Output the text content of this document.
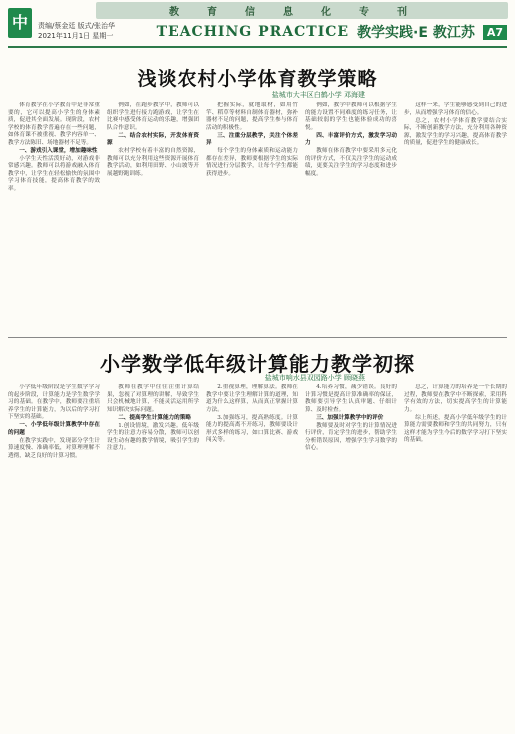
中
教育信息化专刊
责编/蔡金廷 版式/张治华
2021年11月1日 星期一	TEACHING PRACTICE 教学实践·E 教江苏	A7
浅谈农村小学体育教学策略
盐城市大丰区白鹤小学 邓海建

体育教学在小学教育中是非常重要的，它可以提高小学生的身体素质，促进其全面发展。现阶段，农村学校的体育教学普遍存在一些问题，如体育课不被重视、教学内容单一、教学方法陈旧、场地器材不足等。

一、游戏引入课堂，增加趣味性

小学生天性活泼好动，对游戏非常感兴趣。教师可以将游戏融入体育教学中，让学生在轻松愉快的氛围中学习体育技能，提高体育教学的效率。

例如，在跑步教学中，教师可以组织学生进行接力跑游戏，让学生在比赛中感受体育运动的乐趣，增强团队合作意识。

二、结合农村实际，开发体育资源

农村学校有着丰富的自然资源，教师可以充分利用这些资源开展体育教学活动，如利用田野、小山坡等开展越野跑训练。

把握实际，就地取材，如用竹竿、稻草等材料自制体育器材，弥补器材不足的问题，提高学生参与体育活动的积极性。

三、注重分层教学，关注个体差异

每个学生的身体素质和运动能力都存在差异，教师要根据学生的实际情况进行分层教学，让每个学生都能获得进步。

例如，教学中教师可以根据学生的能力设置不同难度的练习任务，让基础较弱的学生也能体验成功的喜悦。

四、丰富评价方式，激发学习动力

教师在体育教学中要采用多元化的评价方式，不仅关注学生的运动成绩，更要关注学生的学习态度和进步幅度。

这样一来，学生能够感受到自己的进步，从而增强学习体育的信心。

总之，农村小学体育教学要结合实际，不断创新教学方法，充分利用各种资源，激发学生的学习兴趣，提高体育教学的质量，促进学生的健康成长。

小学数学低年级计算能力教学初探
盐城市响水县双园路小学 顾晓燕

小学低年级阶段是学生数学学习的起步阶段，计算能力是学生数学学习的基础。在教学中，教师要注重培养学生的计算能力，为以后的学习打下坚实的基础。

一、小学低年级计算教学中存在的问题

在教学实践中，发现部分学生计算速度慢、准确率低，对算理理解不透彻，缺乏良好的计算习惯。

教师在教学中往往注重计算结果，忽视了对算理的讲解，导致学生只会机械地计算，不能灵活运用所学知识解决实际问题。

二、提高学生计算能力的策略

1.创设情境，激发兴趣。低年级学生的注意力容易分散，教师可以创设生动有趣的教学情境，吸引学生的注意力。

2.重视算理，理解算法。教师在教学中要让学生理解计算的道理，知道为什么这样算，从而真正掌握计算方法。

3.加强练习，提高熟练度。计算能力的提高离不开练习，教师要设计形式多样的练习，如口算比赛、游戏闯关等。

4.培养习惯，减少错误。良好的计算习惯是提高计算准确率的保证，教师要引导学生认真审题、仔细计算、及时检查。

三、加强计算教学中的评价

教师要及时对学生的计算情况进行评价，肯定学生的进步，帮助学生分析错误原因，增强学生学习数学的信心。

总之，计算能力的培养是一个长期的过程，教师要在教学中不断探索，采用科学有效的方法，切实提高学生的计算能力。

综上所述，提高小学低年级学生的计算能力需要教师和学生的共同努力，只有这样才能为学生今后的数学学习打下坚实的基础。
